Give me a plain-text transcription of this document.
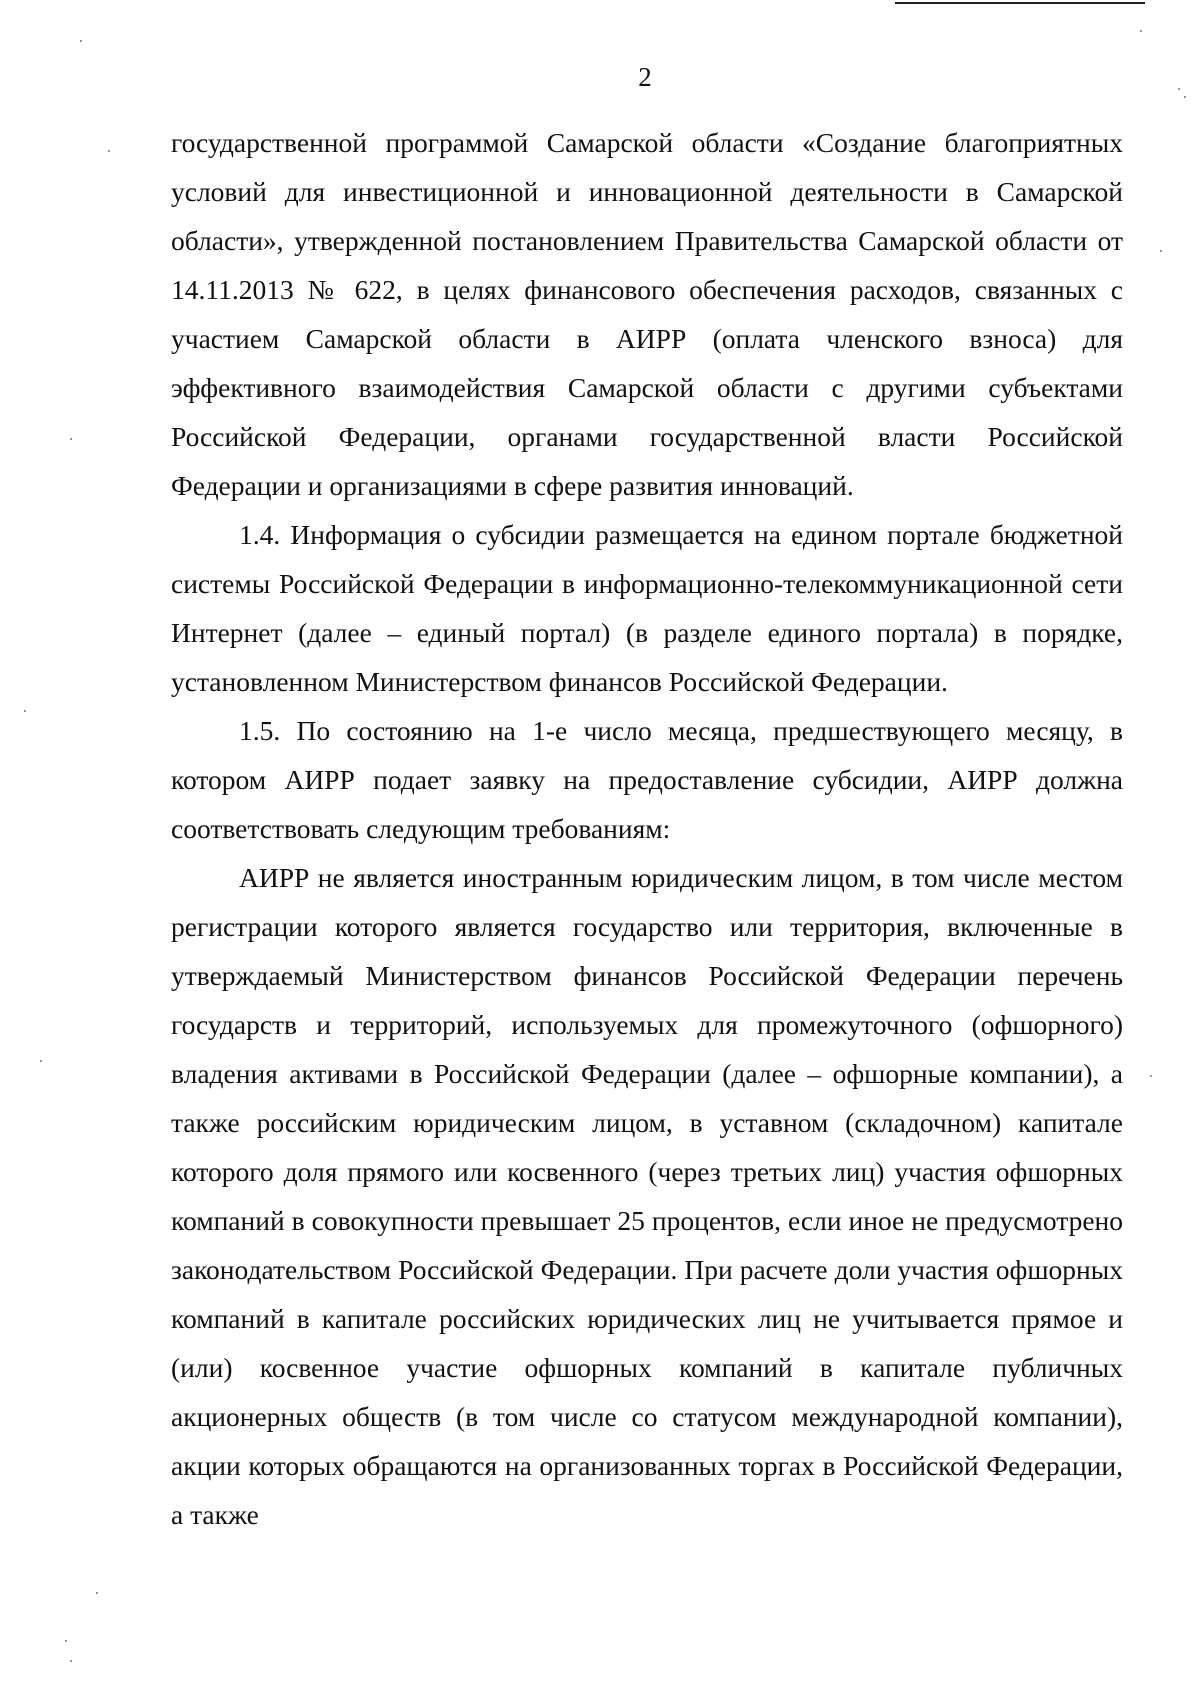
2

государственной программой Самарской области «Создание благоприятных условий для инвестиционной и инновационной деятельности в Самарской области», утвержденной постановлением Правительства Самарской области от 14.11.2013 № 622, в целях финансового обеспечения расходов, связанных с участием Самарской области в АИРР (оплата членского взноса) для эффективного взаимодействия Самарской области с другими субъектами Российской Федерации, органами государственной власти Российской Федерации и организациями в сфере развития инноваций.

1.4. Информация о субсидии размещается на едином портале бюджетной системы Российской Федерации в информационно-телекоммуникационной сети Интернет (далее – единый портал) (в разделе единого портала) в порядке, установленном Министерством финансов Российской Федерации.

1.5. По состоянию на 1-е число месяца, предшествующего месяцу, в котором АИРР подает заявку на предоставление субсидии, АИРР должна соответствовать следующим требованиям:

АИРР не является иностранным юридическим лицом, в том числе местом регистрации которого является государство или территория, включенные в утверждаемый Министерством финансов Российской Федерации перечень государств и территорий, используемых для промежуточного (офшорного) владения активами в Российской Федерации (далее – офшорные компании), а также российским юридическим лицом, в уставном (складочном) капитале которого доля прямого или косвенного (через третьих лиц) участия офшорных компаний в совокупности превышает 25 процентов, если иное не предусмотрено законодательством Российской Федерации. При расчете доли участия офшорных компаний в капитале российских юридических лиц не учитывается прямое и (или) косвенное участие офшорных компаний в капитале публичных акционерных обществ (в том числе со статусом международной компании), акции которых обращаются на организованных торгах в Российской Федерации, а также
